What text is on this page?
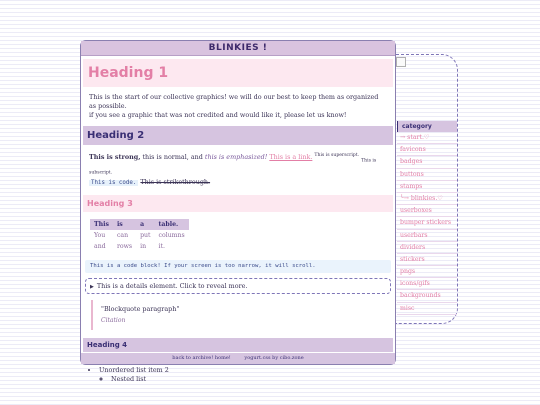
BLINKIES !
Heading 1
This is the start of our collective graphics! we will do our best to keep them as organized as possible.
if you see a graphic that was not credited and would like it, please let us know!
Heading 2
This is strong, this is normal, and this is emphasized! This is a link. $^{This is superscript.}$ $_{This is subscript.}$
This is code. This is strikethrough.
Heading 3
This	is	a	table.
You	can	put	columns
and	rows	in	it.
This is a code block! If your screen is too narrow, it will scroll.
▶ This is a details element. Click to reveal more.
"Blockquote paragraph"
Citation
Heading 4
•
• Unordered list item 2
◦ Nested list
back to archive! home!	yogurt.css by cibo.zone
category
→ start.♡
favicons
badges
buttons
stamps
╰→ blinkies.♡
userboxes
bumper stickers
userbars
dividers
stickers
pngs
icons/gifs
backgrounds
misc
